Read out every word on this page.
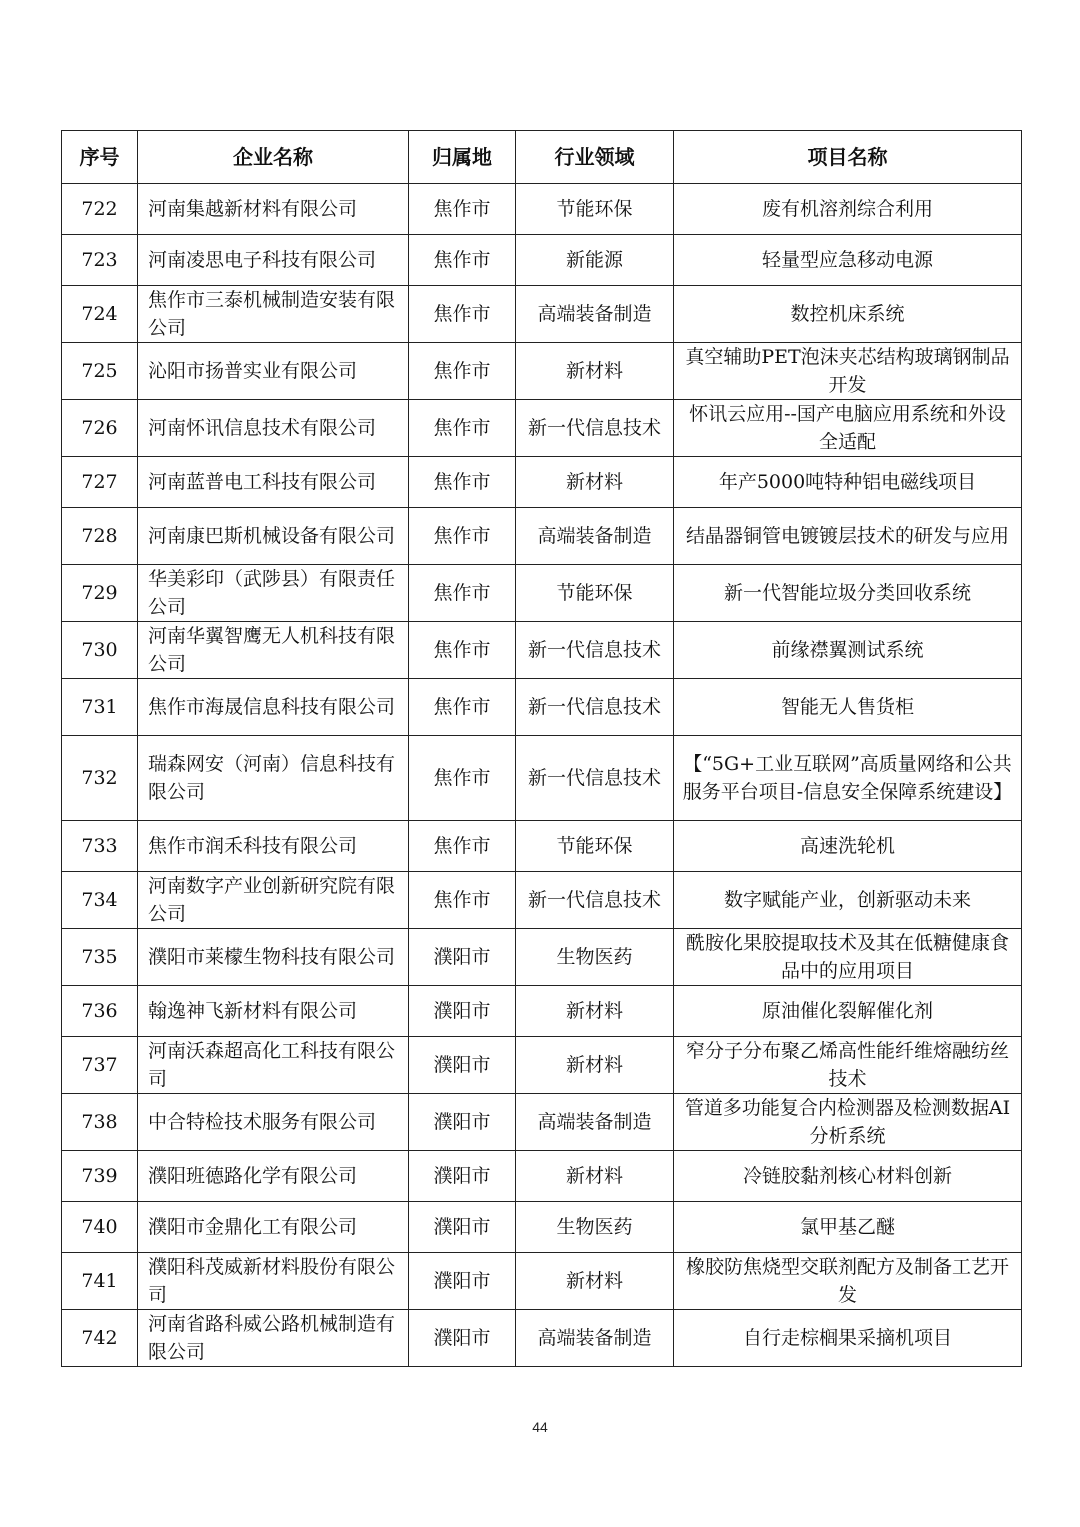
序号	企业名称	归属地	行业领域	项目名称
722	河南集越新材料有限公司	焦作市	节能环保	废有机溶剂综合利用
723	河南凌思电子科技有限公司	焦作市	新能源	轻量型应急移动电源
724	焦作市三泰机械制造安装有限公司	焦作市	高端装备制造	数控机床系统
725	沁阳市扬普实业有限公司	焦作市	新材料	真空辅助PET泡沫夹芯结构玻璃钢制品开发
726	河南怀讯信息技术有限公司	焦作市	新一代信息技术	怀讯云应用--国产电脑应用系统和外设全适配
727	河南蓝普电工科技有限公司	焦作市	新材料	年产5000吨特种铝电磁线项目
728	河南康巴斯机械设备有限公司	焦作市	高端装备制造	结晶器铜管电镀镀层技术的研发与应用
729	华美彩印（武陟县）有限责任公司	焦作市	节能环保	新一代智能垃圾分类回收系统
730	河南华翼智鹰无人机科技有限公司	焦作市	新一代信息技术	前缘襟翼测试系统
731	焦作市海晟信息科技有限公司	焦作市	新一代信息技术	智能无人售货柜
732	瑞森网安（河南）信息科技有限公司	焦作市	新一代信息技术	【“5G+工业互联网”高质量网络和公共服务平台项目-信息安全保障系统建设】
733	焦作市润禾科技有限公司	焦作市	节能环保	高速洗轮机
734	河南数字产业创新研究院有限公司	焦作市	新一代信息技术	数字赋能产业，创新驱动未来
735	濮阳市莱檬生物科技有限公司	濮阳市	生物医药	酰胺化果胶提取技术及其在低糖健康食品中的应用项目
736	翰逸神飞新材料有限公司	濮阳市	新材料	原油催化裂解催化剂
737	河南沃森超高化工科技有限公司	濮阳市	新材料	窄分子分布聚乙烯高性能纤维熔融纺丝技术
738	中合特检技术服务有限公司	濮阳市	高端装备制造	管道多功能复合内检测器及检测数据AI分析系统
739	濮阳班德路化学有限公司	濮阳市	新材料	冷链胶黏剂核心材料创新
740	濮阳市金鼎化工有限公司	濮阳市	生物医药	氯甲基乙醚
741	濮阳科茂威新材料股份有限公司	濮阳市	新材料	橡胶防焦烧型交联剂配方及制备工艺开发
742	河南省路科威公路机械制造有限公司	濮阳市	高端装备制造	自行走棕榈果采摘机项目
44
